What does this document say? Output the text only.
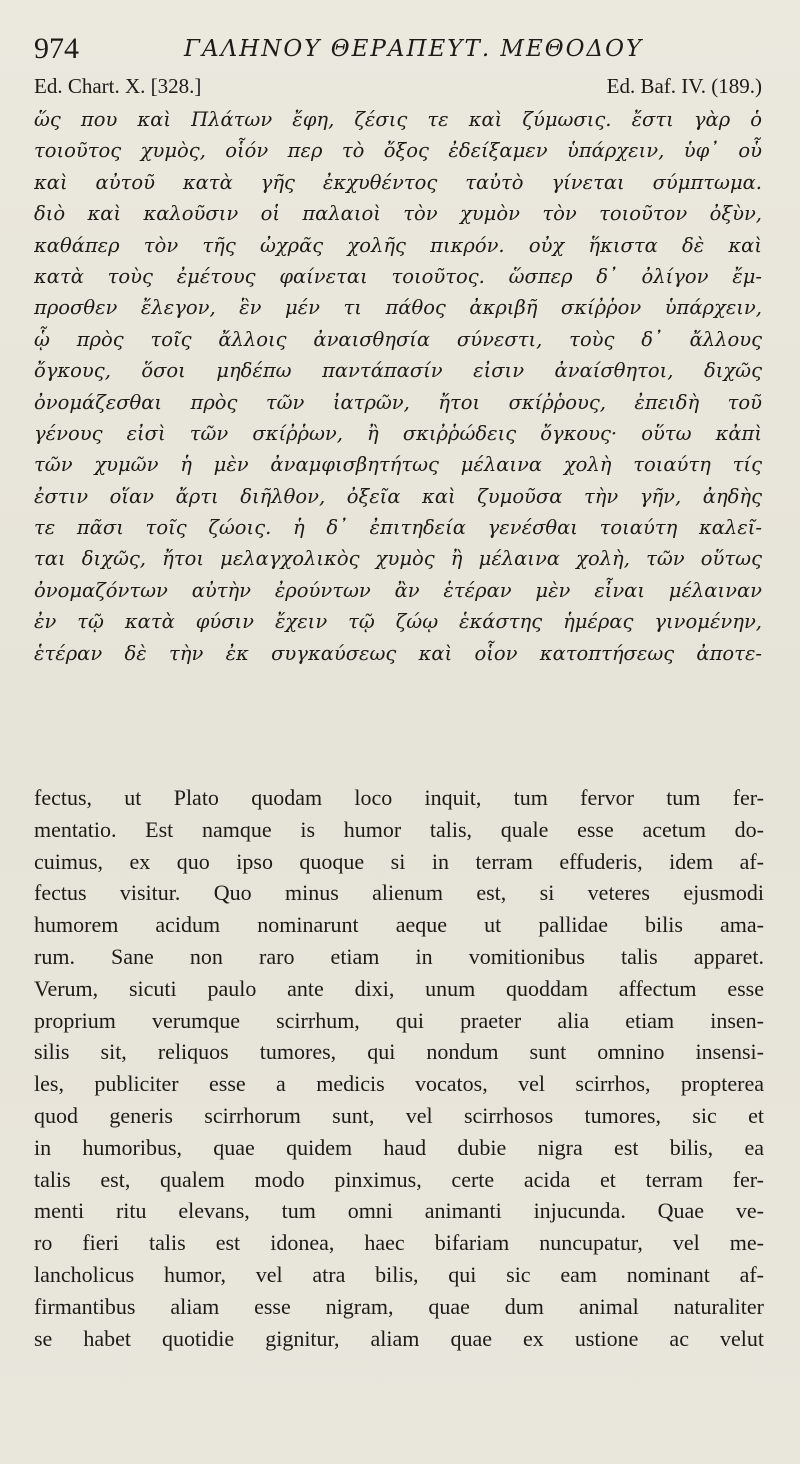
974	ΓΑΛΗΝΟΥ ΘΕΡΑΠΕΥΤ. ΜΕΘΟΔΟΥ
Ed. Chart. X. [328.]	Ed. Baf. IV. (189.)
ὥς που καὶ Πλάτων ἔφη, ζέσις τε καὶ ζύμωσις. ἔστι γὰρ ὁ
τοιοῦτος χυμὸς, οἷόν περ τὸ ὄξος ἐδείξαμεν ὑπάρχειν, ὑφ᾽ οὗ
καὶ αὐτοῦ κατὰ γῆς ἐκχυθέντος ταὐτὸ γίνεται σύμπτωμα.
διὸ καὶ καλοῦσιν οἱ παλαιοὶ τὸν χυμὸν τὸν τοιοῦτον ὀξὺν,
καθάπερ τὸν τῆς ὠχρᾶς χολῆς πικρόν. οὐχ ἥκιστα δὲ καὶ
κατὰ τοὺς ἐμέτους φαίνεται τοιοῦτος. ὥσπερ δ᾽ ὀλίγον ἔμ-
προσθεν ἔλεγον, ἓν μέν τι πάθος ἀκριβῆ σκίῤῥον ὑπάρχειν,
ᾧ πρὸς τοῖς ἄλλοις ἀναισθησία σύνεστι, τοὺς δ᾽ ἄλλους
ὄγκους, ὅσοι μηδέπω παντάπασίν εἰσιν ἀναίσθητοι, διχῶς
ὀνομάζεσθαι πρὸς τῶν ἰατρῶν, ἤτοι σκίῤῥους, ἐπειδὴ τοῦ
γένους εἰσὶ τῶν σκίῤῥων, ἢ σκιῤῥώδεις ὄγκους· οὕτω κἀπὶ
τῶν χυμῶν ἡ μὲν ἀναμφισβητήτως μέλαινα χολὴ τοιαύτη τίς
ἐστιν οἵαν ἄρτι διῆλθον, ὀξεῖα καὶ ζυμοῦσα τὴν γῆν, ἀηδὴς
τε πᾶσι τοῖς ζώοις. ἡ δ᾽ ἐπιτηδεία γενέσθαι τοιαύτη καλεῖ-
ται διχῶς, ἤτοι μελαγχολικὸς χυμὸς ἢ μέλαινα χολὴ, τῶν οὕτως
ὀνομαζόντων αὐτὴν ἐρούντων ἂν ἑτέραν μὲν εἶναι μέλαιναν
ἐν τῷ κατὰ φύσιν ἔχειν τῷ ζώῳ ἑκάστης ἡμέρας γινομένην,
ἑτέραν δὲ τὴν ἐκ συγκαύσεως καὶ οἷον κατοπτήσεως ἀποτε-
fectus, ut Plato quodam loco inquit, tum fervor tum fer-
mentatio. Est namque is humor talis, quale esse acetum do-
cuimus, ex quo ipso quoque si in terram effuderis, idem af-
fectus visitur. Quo minus alienum est, si veteres ejusmodi
humorem acidum nominarunt aeque ut pallidae bilis ama-
rum. Sane non raro etiam in vomitionibus talis apparet.
Verum, sicuti paulo ante dixi, unum quoddam affectum esse
proprium verumque scirrhum, qui praeter alia etiam insen-
silis sit, reliquos tumores, qui nondum sunt omnino insensi-
les, publiciter esse a medicis vocatos, vel scirrhos, propterea
quod generis scirrhorum sunt, vel scirrhosos tumores, sic et
in humoribus, quae quidem haud dubie nigra est bilis, ea
talis est, qualem modo pinximus, certe acida et terram fer-
menti ritu elevans, tum omni animanti injucunda. Quae ve-
ro fieri talis est idonea, haec bifariam nuncupatur, vel me-
lancholicus humor, vel atra bilis, qui sic eam nominant af-
firmantibus aliam esse nigram, quae dum animal naturaliter
se habet quotidie gignitur, aliam quae ex ustione ac velut
